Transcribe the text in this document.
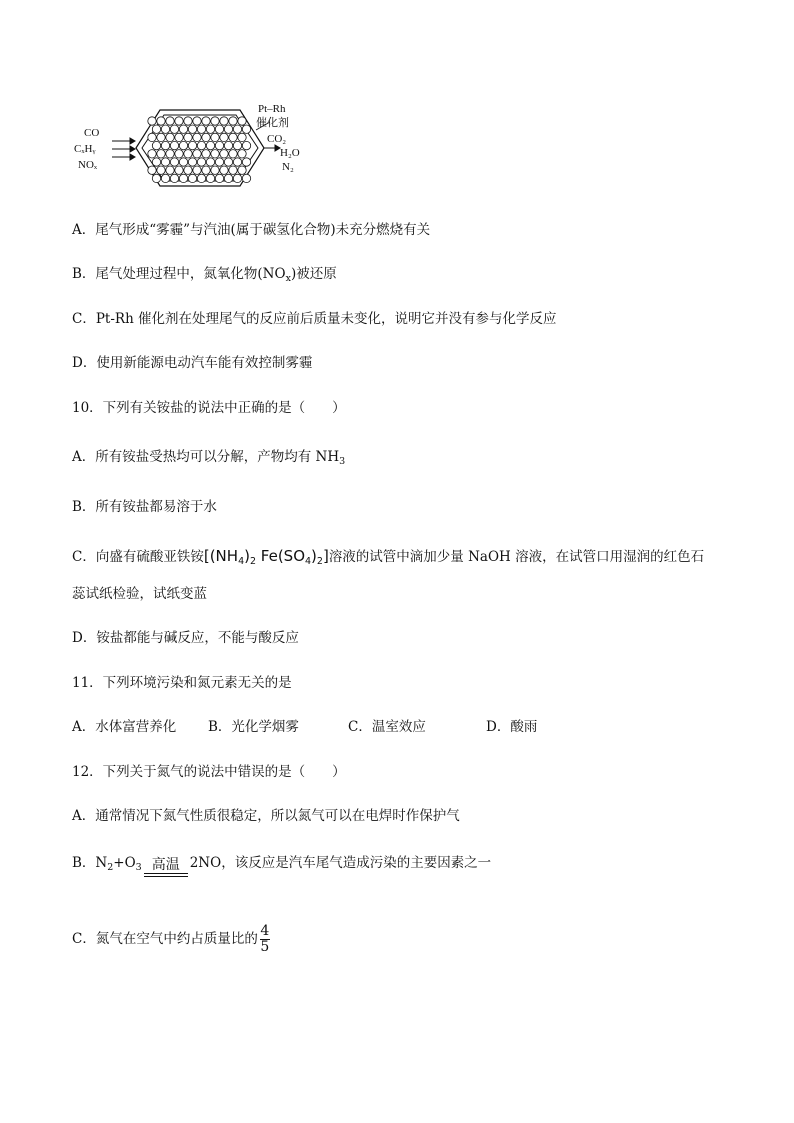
CO
CₓHᵧ
NOₓ
Pt–Rh
催化剂
CO₂
H₂O
N₂
A．尾气形成“雾霾”与汽油(属于碳氢化合物)未充分燃烧有关
B．尾气处理过程中，氮氧化物$(NO_x)$被还原
C．Pt-Rh 催化剂在处理尾气的反应前后质量未变化，说明它并没有参与化学反应
D．使用新能源电动汽车能有效控制雾霾
10．下列有关铵盐的说法中正确的是（　　）
A．所有铵盐受热均可以分解，产物均有 $NH_3$
B．所有铵盐都易溶于水
C．向盛有硫酸亚铁铵[$(NH_4)_2$ $Fe(SO_4)_2$]溶液的试管中滴加少量 NaOH 溶液，在试管口用湿润的红色石
蕊试纸检验，试纸变蓝
D．铵盐都能与碱反应，不能与酸反应
11．下列环境污染和氮元素无关的是
A．水体富营养化 B．光化学烟雾	C．温室效应	D．酸雨
12．下列关于氮气的说法中错误的是（　　）
A．通常情况下氮气性质很稳定，所以氮气可以在电焊时作保护气
B．$N_2+O_3$ 高温 2NO，该反应是汽车尾气造成污染的主要因素之一
C．氮气在空气中约占质量比的 $\frac{4}{5}$
